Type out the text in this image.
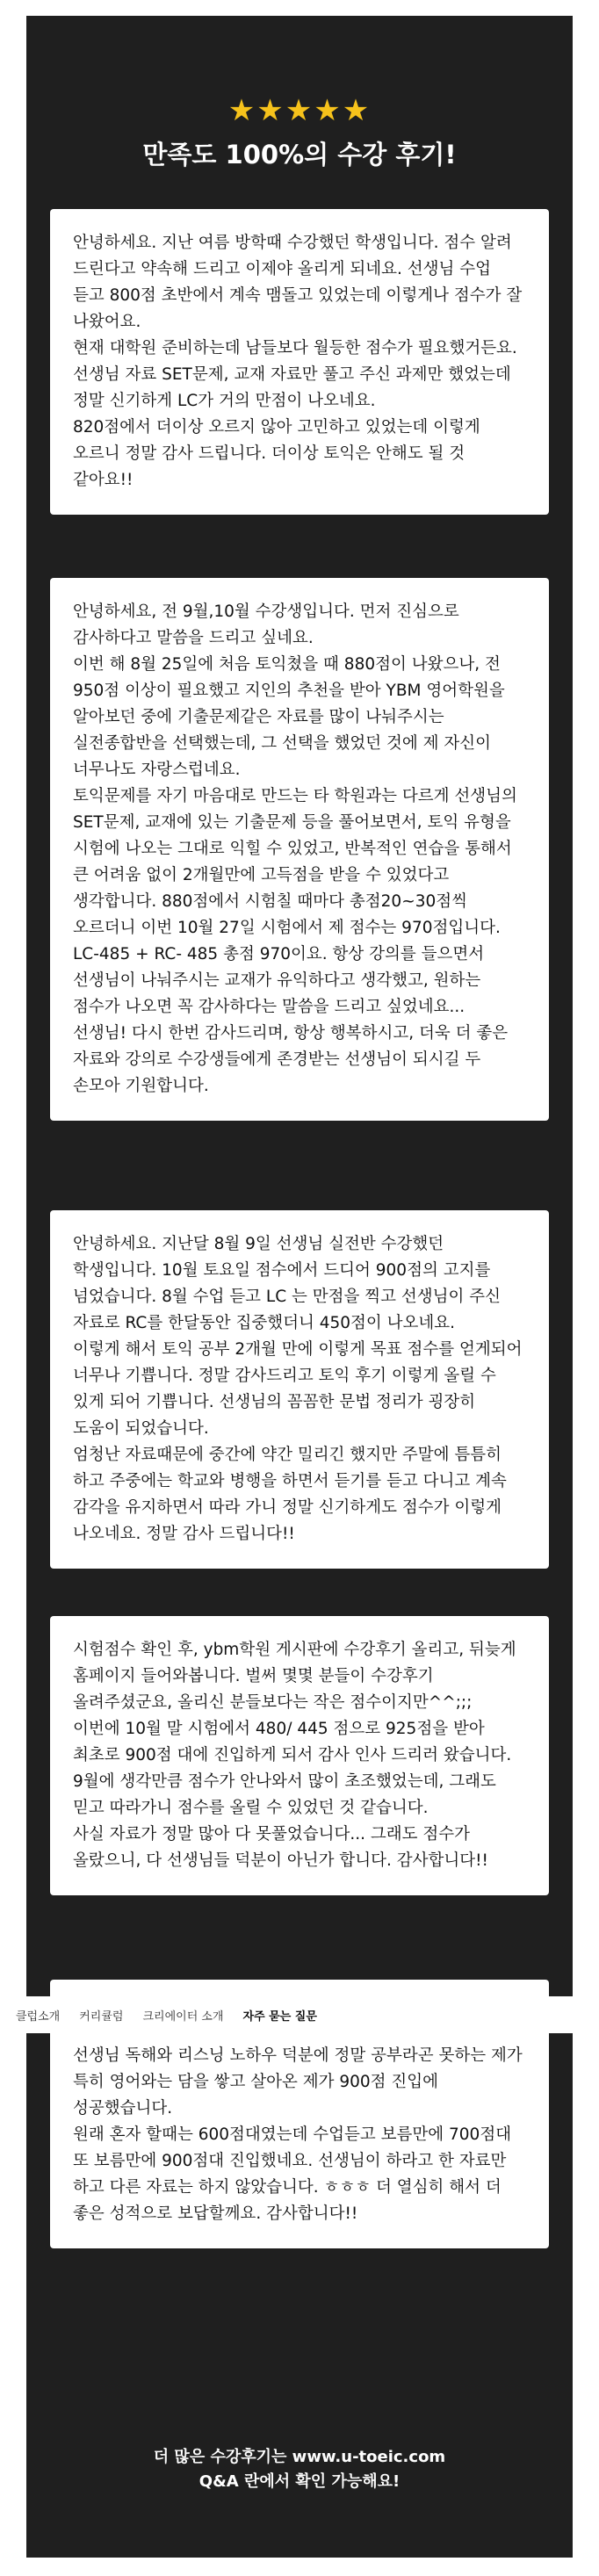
★★★★★
만족도 100%의 수강 후기!

안녕하세요. 지난 여름 방학때 수강했던 학생입니다. 점수 알려 드린다고 약속해 드리고 이제야 올리게 되네요. 선생님 수업 듣고 800점 초반에서 계속 맴돌고 있었는데 이렇게나 점수가 잘 나왔어요.
현재 대학원 준비하는데 남들보다 월등한 점수가 필요했거든요. 선생님 자료 SET문제, 교재 자료만 풀고 주신 과제만 했었는데 정말 신기하게 LC가 거의 만점이 나오네요.
820점에서 더이상 오르지 않아 고민하고 있었는데 이렇게 오르니 정말 감사 드립니다. 더이상 토익은 안해도 될 것 같아요!!

안녕하세요, 전 9월,10월 수강생입니다. 먼저 진심으로 감사하다고 말씀을 드리고 싶네요.
이번 해 8월 25일에 처음 토익쳤을 때 880점이 나왔으나, 전 950점 이상이 필요했고 지인의 추천을 받아 YBM 영어학원을 알아보던 중에 기출문제같은 자료를 많이 나눠주시는 실전종합반을 선택했는데, 그 선택을 했었던 것에 제 자신이 너무나도 자랑스럽네요.
토익문제를 자기 마음대로 만드는 타 학원과는 다르게 선생님의 SET문제, 교재에 있는 기출문제 등을 풀어보면서, 토익 유형을 시험에 나오는 그대로 익힐 수 있었고, 반복적인 연습을 통해서 큰 어려움 없이 2개월만에 고득점을 받을 수 있었다고 생각합니다. 880점에서 시험칠 때마다 총점20~30점씩 오르더니 이번 10월 27일 시험에서 제 점수는 970점입니다. LC-485 + RC- 485 총점 970이요. 항상 강의를 들으면서 선생님이 나눠주시는 교재가 유익하다고 생각했고, 원하는 점수가 나오면 꼭 감사하다는 말씀을 드리고 싶었네요...
선생님! 다시 한번 감사드리며, 항상 행복하시고, 더욱 더 좋은 자료와 강의로 수강생들에게 존경받는 선생님이 되시길 두 손모아 기원합니다.

안녕하세요. 지난달 8월 9일 선생님 실전반 수강했던 학생입니다. 10월 토요일 점수에서 드디어 900점의 고지를 넘었습니다. 8월 수업 듣고 LC 는 만점을 찍고 선생님이 주신 자료로 RC를 한달동안 집중했더니 450점이 나오네요.
이렇게 해서 토익 공부 2개월 만에 이렇게 목표 점수를 얻게되어 너무나 기쁩니다. 정말 감사드리고 토익 후기 이렇게 올릴 수 있게 되어 기쁩니다. 선생님의 꼼꼼한 문법 정리가 굉장히 도움이 되었습니다.
엄청난 자료때문에 중간에 약간 밀리긴 했지만 주말에 틈틈히 하고 주중에는 학교와 병행을 하면서 듣기를 듣고 다니고 계속 감각을 유지하면서 따라 가니 정말 신기하게도 점수가 이렇게 나오네요. 정말 감사 드립니다!!

시험점수 확인 후, ybm학원 게시판에 수강후기 올리고, 뒤늦게 홈페이지 들어와봅니다. 벌써 몇몇 분들이 수강후기 올려주셨군요, 올리신 분들보다는 작은 점수이지만^^;;;
이번에 10월 말 시험에서 480/ 445 점으로 925점을 받아 최초로 900점 대에 진입하게 되서 감사 인사 드리러 왔습니다. 9월에 생각만큼 점수가 안나와서 많이 초조했었는데, 그래도 믿고 따라가니 점수를 올릴 수 있었던 것 같습니다.
사실 자료가 정말 많아 다 못풀었습니다... 그래도 점수가 올랐으니, 다 선생님들 덕분이 아닌가 합니다. 감사합니다!!

선생님 독해와 리스닝 노하우 덕분에 정말 공부라곤 못하는 제가 특히 영어와는 담을 쌓고 살아온 제가 900점 진입에 성공했습니다.
원래 혼자 할때는 600점대였는데 수업듣고 보름만에 700점대 또 보름만에 900점대 진입했네요. 선생님이 하라고 한 자료만 하고 다른 자료는 하지 않았습니다. ㅎㅎㅎ 더 열심히 해서 더 좋은 성적으로 보답할께요. 감사합니다!!

더 많은 수강후기는 www.u-toeic.com
Q&A 란에서 확인 가능해요!
클럽소개 커리큘럼 크리에이터 소개 자주 묻는 질문
